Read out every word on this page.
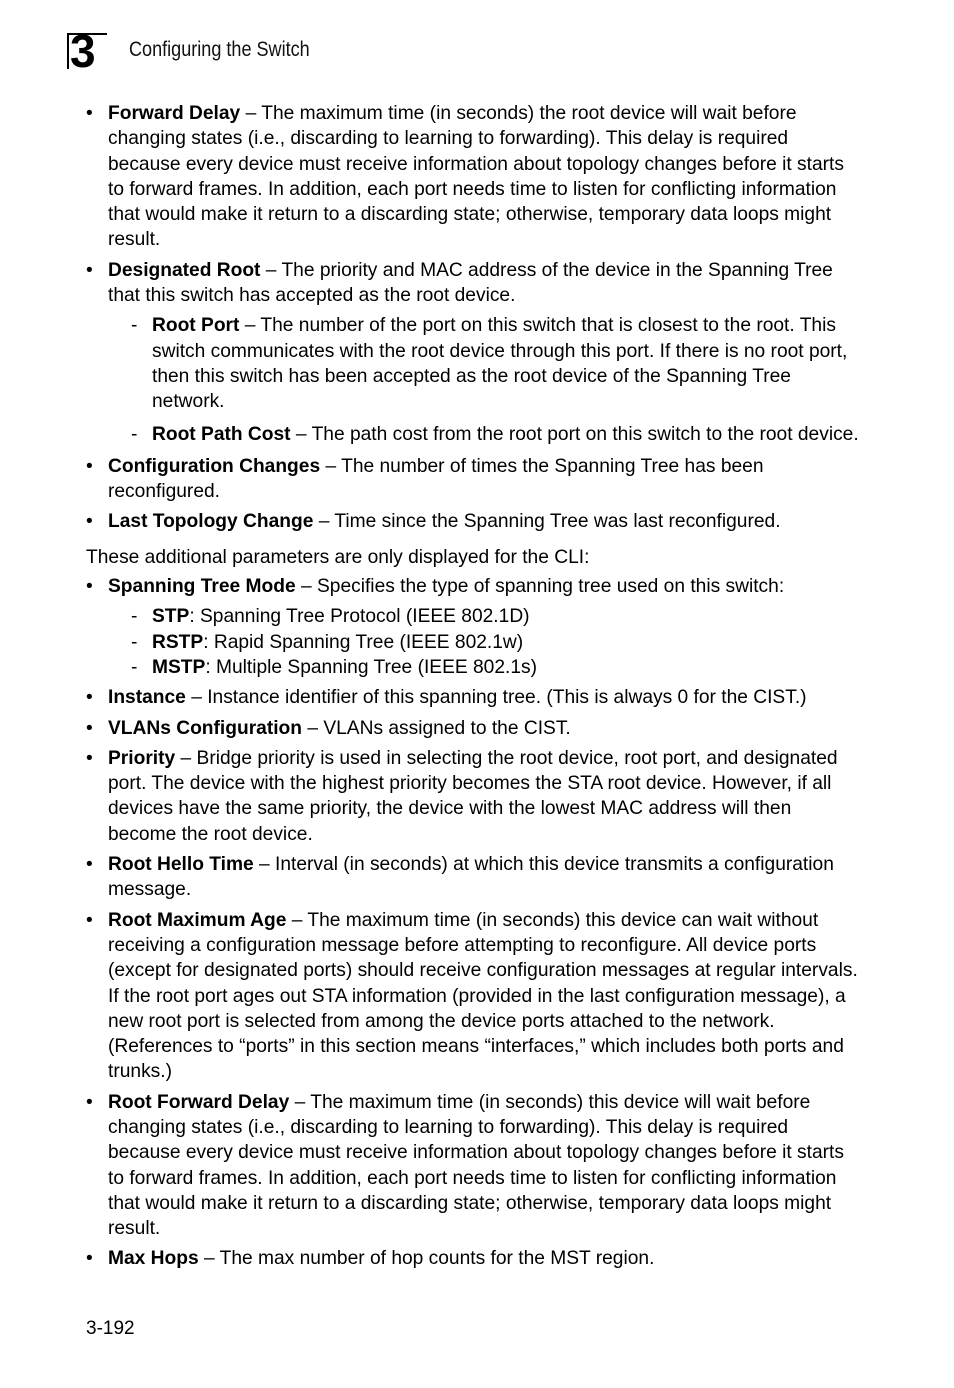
3 Configuring the Switch
• Forward Delay – The maximum time (in seconds) the root device will wait before changing states (i.e., discarding to learning to forwarding). This delay is required because every device must receive information about topology changes before it starts to forward frames. In addition, each port needs time to listen for conflicting information that would make it return to a discarding state; otherwise, temporary data loops might result.
• Designated Root – The priority and MAC address of the device in the Spanning Tree that this switch has accepted as the root device.
- Root Port – The number of the port on this switch that is closest to the root. This switch communicates with the root device through this port. If there is no root port, then this switch has been accepted as the root device of the Spanning Tree network.
- Root Path Cost – The path cost from the root port on this switch to the root device.
• Configuration Changes – The number of times the Spanning Tree has been reconfigured.
• Last Topology Change – Time since the Spanning Tree was last reconfigured.

These additional parameters are only displayed for the CLI:

• Spanning Tree Mode – Specifies the type of spanning tree used on this switch:
- STP: Spanning Tree Protocol (IEEE 802.1D)
- RSTP: Rapid Spanning Tree (IEEE 802.1w)
- MSTP: Multiple Spanning Tree (IEEE 802.1s)
• Instance – Instance identifier of this spanning tree. (This is always 0 for the CIST.)
• VLANs Configuration – VLANs assigned to the CIST.
• Priority – Bridge priority is used in selecting the root device, root port, and designated port. The device with the highest priority becomes the STA root device. However, if all devices have the same priority, the device with the lowest MAC address will then become the root device.
• Root Hello Time – Interval (in seconds) at which this device transmits a configuration message.
• Root Maximum Age – The maximum time (in seconds) this device can wait without receiving a configuration message before attempting to reconfigure. All device ports (except for designated ports) should receive configuration messages at regular intervals. If the root port ages out STA information (provided in the last configuration message), a new root port is selected from among the device ports attached to the network. (References to “ports” in this section means “interfaces,” which includes both ports and trunks.)
• Root Forward Delay – The maximum time (in seconds) this device will wait before changing states (i.e., discarding to learning to forwarding). This delay is required because every device must receive information about topology changes before it starts to forward frames. In addition, each port needs time to listen for conflicting information that would make it return to a discarding state; otherwise, temporary data loops might result.
• Max Hops – The max number of hop counts for the MST region.
3-192
